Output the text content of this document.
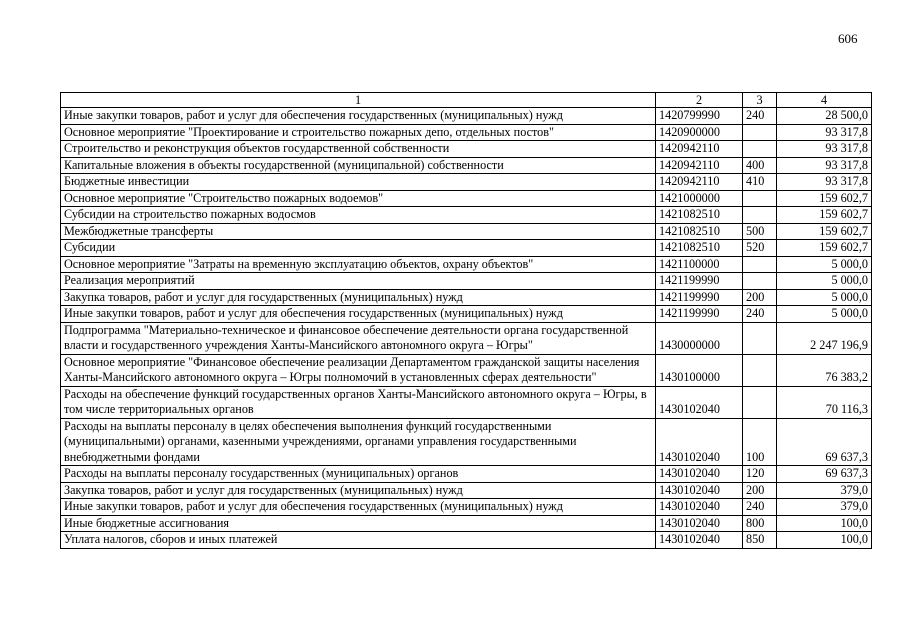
606
1	2	3	4
Иные закупки товаров, работ и услуг для обеспечения государственных (муниципальных) нужд	1420799990	240	28 500,0
Основное мероприятие "Проектирование и строительство пожарных депо, отдельных постов"	1420900000		93 317,8
Строительство и реконструкция объектов государственной собственности	1420942110		93 317,8
Капитальные вложения в объекты государственной (муниципальной) собственности	1420942110	400	93 317,8
Бюджетные инвестиции	1420942110	410	93 317,8
Основное мероприятие "Строительство пожарных водоемов"	1421000000		159 602,7
Субсидии на строительство пожарных водосмов	1421082510		159 602,7
Межбюджетные трансферты	1421082510	500	159 602,7
Субсидии	1421082510	520	159 602,7
Основное мероприятие "Затраты на временную эксплуатацию объектов, охрану объектов"	1421100000		5 000,0
Реализация мероприятий	1421199990		5 000,0
Закупка товаров, работ и услуг для государственных (муниципальных) нужд	1421199990	200	5 000,0
Иные закупки товаров, работ и услуг для обеспечения государственных (муниципальных) нужд	1421199990	240	5 000,0
Подпрограмма "Материально-техническое и финансовое обеспечение деятельности органа государственной власти и государственного учреждения Ханты-Мансийского автономного округа – Югры"	1430000000		2 247 196,9
Основное мероприятие "Финансовое обеспечение реализации Департаментом гражданской защиты населения Ханты-Мансийского автономного округа – Югры полномочий в установленных сферах деятельности"	1430100000		76 383,2
Расходы на обеспечение функций государственных органов Ханты-Мансийского автономного округа – Югры, в том числе территориальных органов	1430102040		70 116,3
Расходы на выплаты персоналу в целях обеспечения выполнения функций государственными (муниципальными) органами, казенными учреждениями, органами управления государственными внебюджетными фондами	1430102040	100	69 637,3
Расходы на выплаты персоналу государственных (муниципальных) органов	1430102040	120	69 637,3
Закупка товаров, работ и услуг для государственных (муниципальных) нужд	1430102040	200	379,0
Иные закупки товаров, работ и услуг для обеспечения государственных (муниципальных) нужд	1430102040	240	379,0
Иные бюджетные ассигнования	1430102040	800	100,0
Уплата налогов, сборов и иных платежей	1430102040	850	100,0
